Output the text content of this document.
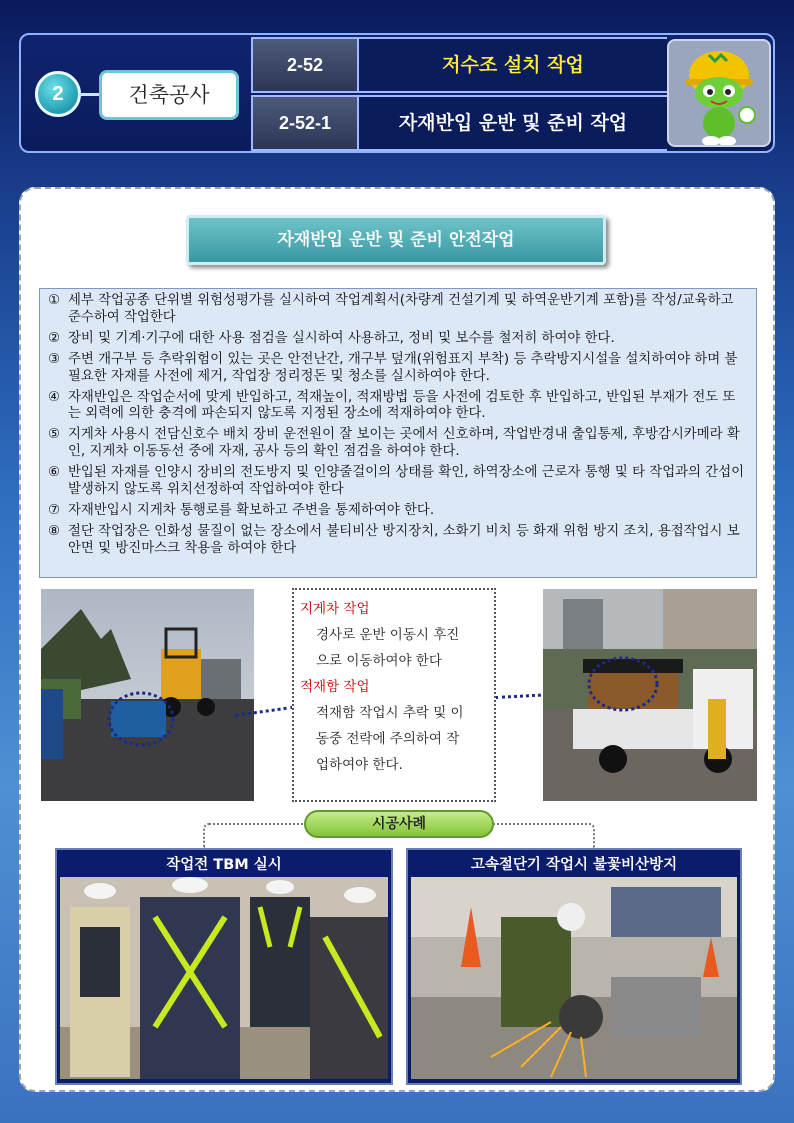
2	건축공사
2-52	저수조 설치 작업
2-52-1	자재반입 운반 및 준비 작업
자재반입 운반 및 준비 안전작업
① 세부 작업공종 단위별 위험성평가를 실시하여 작업계획서(차량계 건설기계 및 하역운반기계 포함)를 작성/교육하고 준수하여 작업한다
② 장비 및 기계·기구에 대한 사용 점검을 실시하여 사용하고, 정비 및 보수를 철저히 하여야 한다.
③ 주변 개구부 등 추락위험이 있는 곳은 안전난간, 개구부 덮개(위험표지 부착) 등 추락방지시설을 설치하여야 하며 불필요한 자재를 사전에 제거, 작업장 정리정돈 및 청소를 실시하여야 한다.
④ 자재반입은 작업순서에 맞게 반입하고, 적재높이, 적재방법 등을 사전에 검토한 후 반입하고, 반입된 부재가 전도 또는 외력에 의한 충격에 파손되지 않도록 지정된 장소에 적재하여야 한다.
⑤ 지게차 사용시 전담신호수 배치 장비 운전원이 잘 보이는 곳에서 신호하며, 작업반경내 출입통제, 후방감시카메라 확인, 지게차 이동동선 중에 자재, 공사 등의 확인 점검을 하여야 한다.
⑥ 반입된 자재를 인양시 장비의 전도방지 및 인양줄걸이의 상태를 확인, 하역장소에 근로자 통행 및 타 작업과의 간섭이 발생하지 않도록 위치선정하여 작업하여야 한다
⑦ 자재반입시 지게차 통행로를 확보하고 주변을 통제하여야 한다.
⑧ 절단 작업장은 인화성 물질이 없는 장소에서 불티비산 방지장치, 소화기 비치 등 화재 위험 방지 조치, 용접작업시 보안면 및 방진마스크 착용을 하여야 한다
지게차 작업
경사로 운반 이동시 후진
으로 이동하여야 한다
적재함 작업
적재함 작업시 추락 및 이
동중 전락에 주의하여 작
업하여야 한다.
시공사례
작업전 TBM 실시	고속절단기 작업시 불꽃비산방지
